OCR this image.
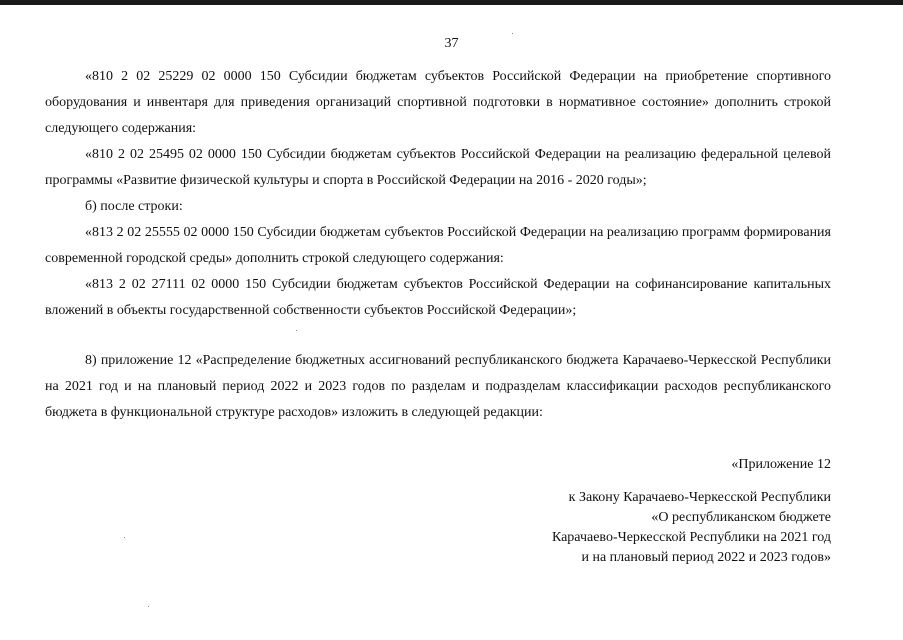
37

«810 2 02 25229 02 0000 150 Субсидии бюджетам субъектов Российской Федерации на приобретение спортивного оборудования и инвентаря для приведения организаций спортивной подготовки в нормативное состояние» дополнить строкой следующего содержания:

«810 2 02 25495 02 0000 150 Субсидии бюджетам субъектов Российской Федерации на реализацию федеральной целевой программы «Развитие физической культуры и спорта в Российской Федерации на 2016 - 2020 годы»;

б) после строки:

«813 2 02 25555 02 0000 150 Субсидии бюджетам субъектов Российской Федерации на реализацию программ формирования современной городской среды» дополнить строкой следующего содержания:

«813 2 02 27111 02 0000 150 Субсидии бюджетам субъектов Российской Федерации на софинансирование капитальных вложений в объекты государственной собственности субъектов Российской Федерации»;

8) приложение 12 «Распределение бюджетных ассигнований республиканского бюджета Карачаево-Черкесской Республики на 2021 год и на плановый период 2022 и 2023 годов по разделам и подразделам классификации расходов республиканского бюджета в функциональной структуре расходов» изложить в следующей редакции:

«Приложение 12
к Закону Карачаево-Черкесской Республики
«О республиканском бюджете
Карачаево-Черкесской Республики на 2021 год
и на плановый период 2022 и 2023 годов»
